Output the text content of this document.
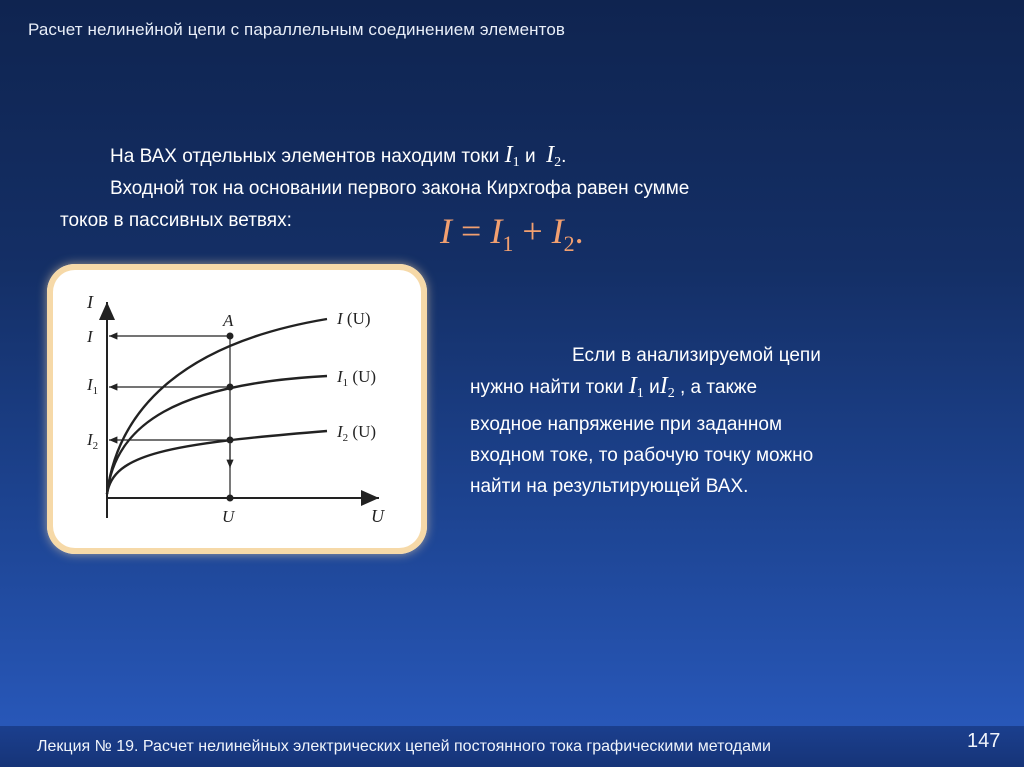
Расчет нелинейной цепи с параллельным соединением элементов
На ВАХ отдельных элементов находим токи $I_1$ и $I_2$.
Входной ток на основании первого закона Кирхгофа равен сумме
токов в пассивных ветвях:	$I = I_1 + I_2$.
I
U
A
I
$I_1$
$I_2$
U
I (U)
$I_1$ (U)
$I_2$ (U)
Если в анализируемой цепи
нужно найти токи $I_1$ $иI_2$ , а также
входное напряжение при заданном
входном токе, то рабочую точку можно
найти на результирующей ВАХ.
Лекция № 19. Расчет нелинейных электрических цепей постоянного тока графическими методами	147
